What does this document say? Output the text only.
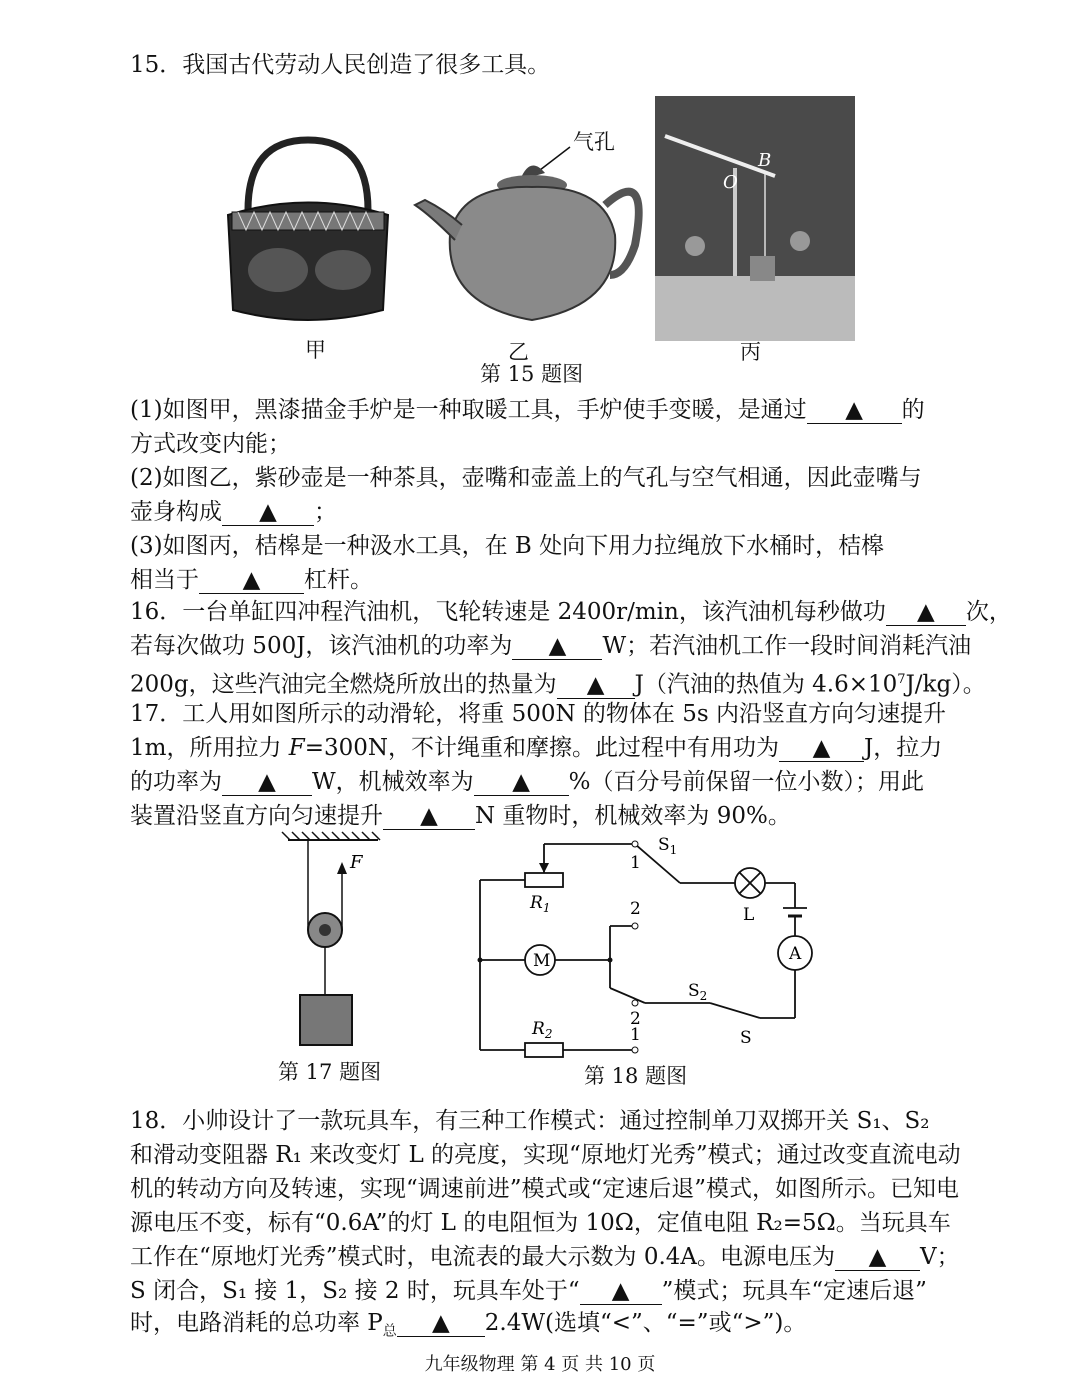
15．我国古代劳动人民创造了很多工具。
甲
气孔
乙
O
B
丙
第 15 题图
(1)如图甲，黑漆描金手炉是一种取暖工具，手炉使手变暖，是通过 ▲ 的
方式改变内能；
(2)如图乙，紫砂壶是一种茶具，壶嘴和壶盖上的气孔与空气相通，因此壶嘴与
壶身构成 ▲ ；
(3)如图丙，桔槔是一种汲水工具，在 B 处向下用力拉绳放下水桶时，桔槔
相当于 ▲ 杠杆。
16．一台单缸四冲程汽油机，飞轮转速是 2400r/min，该汽油机每秒做功 ▲ 次，
若每次做功 500J，该汽油机的功率为 ▲ W；若汽油机工作一段时间消耗汽油
200g，这些汽油完全燃烧所放出的热量为 ▲ J（汽油的热值为 $4.6\times 10^7J/kg$）。
17．工人用如图所示的动滑轮，将重 500N 的物体在 5s 内沿竖直方向匀速提升
1m，所用拉力 F=300N，不计绳重和摩擦。此过程中有用功为 ▲ J，拉力
的功率为 ▲ W，机械效率为 ▲ %（百分号前保留一位小数）；用此
装置沿竖直方向匀速提升 ▲ N 重物时，机械效率为 90%。
F
第 17 题图
$R_1$
$R_2$
M	A
L
S
$S_1$
$S_2$
1
2
2
1
第 18 题图
18．小帅设计了一款玩具车，有三种工作模式：通过控制单刀双掷开关 S₁、S₂
和滑动变阻器 R₁ 来改变灯 L 的亮度，实现“原地灯光秀”模式；通过改变直流电动
机的转动方向及转速，实现“调速前进”模式或“定速后退”模式，如图所示。已知电
源电压不变，标有“0.6A”的灯 L 的电阻恒为 10Ω，定值电阻 R₂=5Ω。当玩具车
工作在“原地灯光秀”模式时，电流表的最大示数为 0.4A。电源电压为 ▲ V；
S 闭合，S₁ 接 1，S₂ 接 2 时，玩具车处于“ ▲ ”模式；玩具车“定速后退”
时，电路消耗的总功率 $P_总$ ▲ 2.4W(选填“<”、“=”或“>”)。
九年级物理 第 4 页 共 10 页
